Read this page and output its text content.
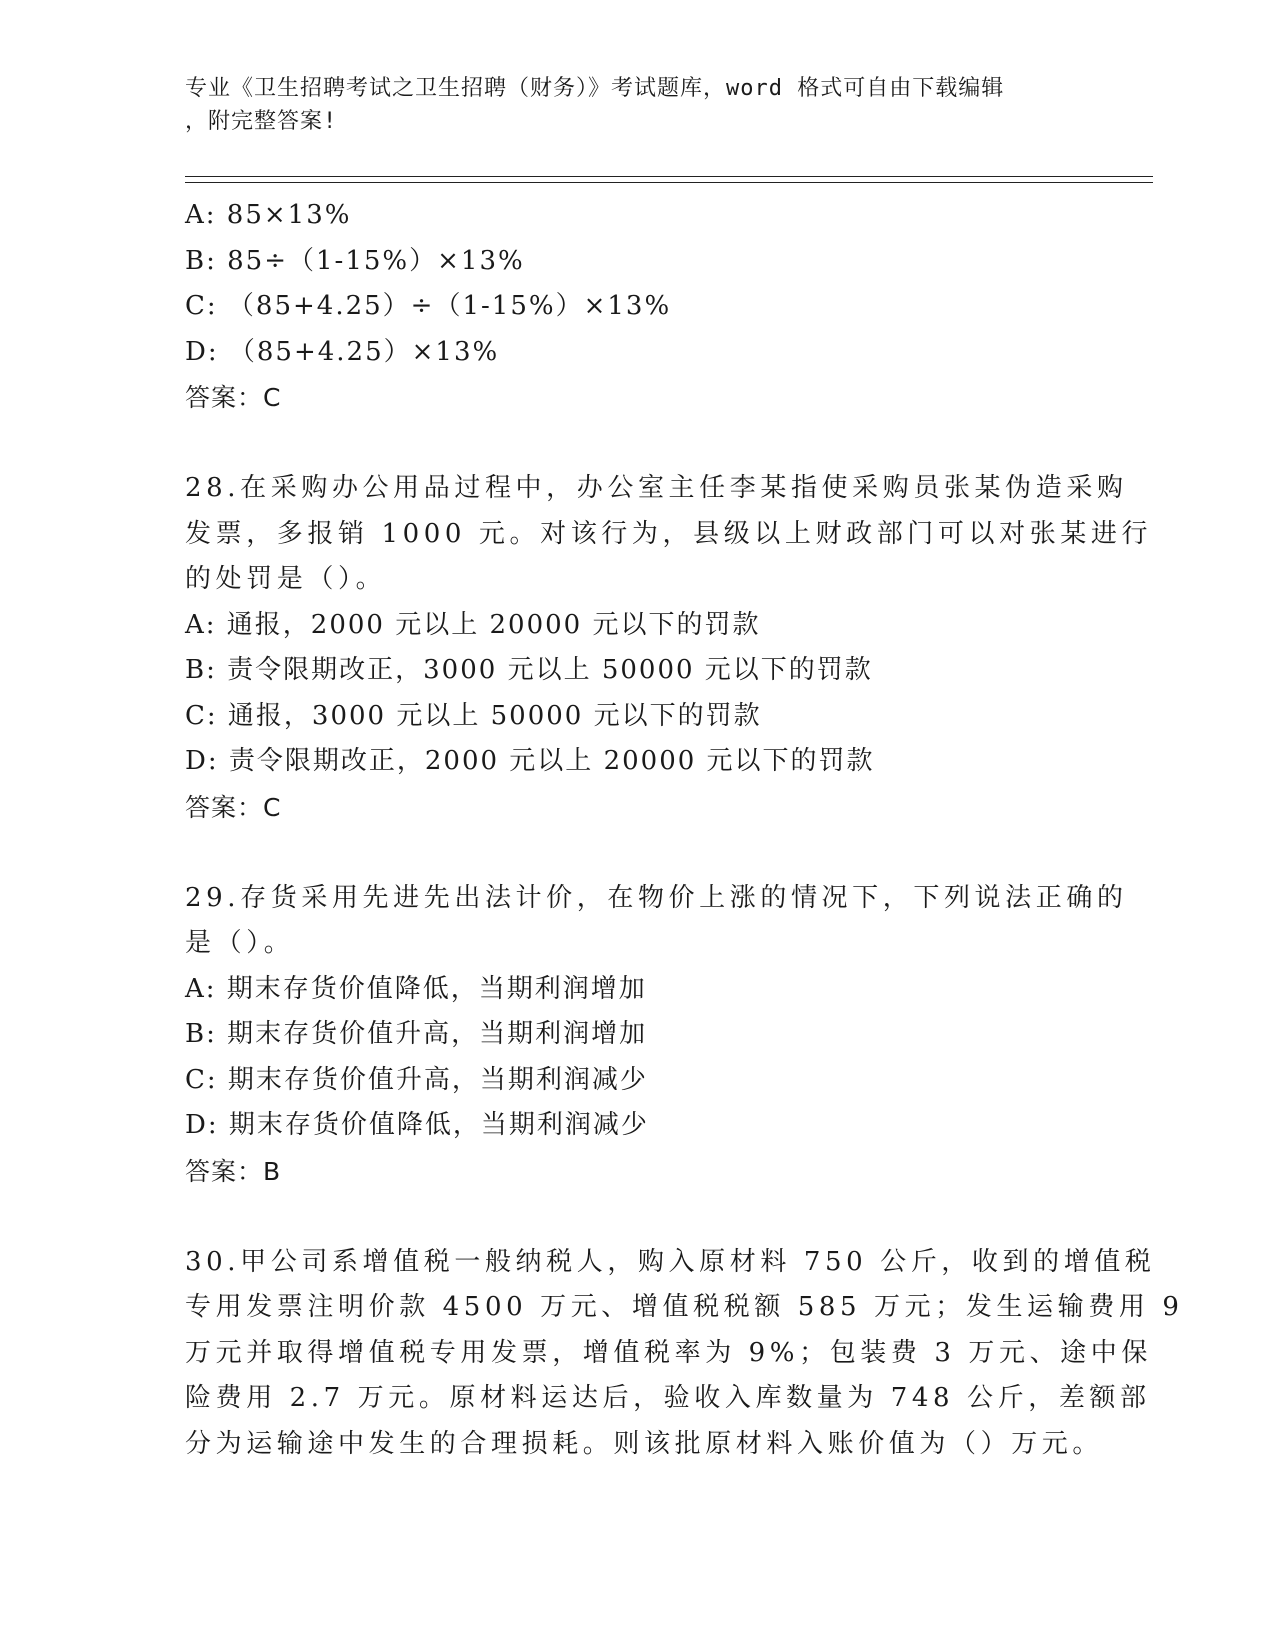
专业《卫生招聘考试之卫生招聘（财务）》考试题库，word 格式可自由下载编辑
，附完整答案!
A: 85×13%
B: 85÷（1-15%）×13%
C: （85+4.25）÷（1-15%）×13%
D: （85+4.25）×13%
答案：C
28.在采购办公用品过程中，办公室主任李某指使采购员张某伪造采购
发票，多报销 1000 元。对该行为，县级以上财政部门可以对张某进行
的处罚是（）。
A: 通报，2000 元以上 20000 元以下的罚款
B: 责令限期改正，3000 元以上 50000 元以下的罚款
C: 通报，3000 元以上 50000 元以下的罚款
D: 责令限期改正，2000 元以上 20000 元以下的罚款
答案：C
29.存货采用先进先出法计价，在物价上涨的情况下，下列说法正确的
是（）。
A: 期末存货价值降低，当期利润增加
B: 期末存货价值升高，当期利润增加
C: 期末存货价值升高，当期利润减少
D: 期末存货价值降低，当期利润减少
答案：B
30.甲公司系增值税一般纳税人，购入原材料 750 公斤，收到的增值税
专用发票注明价款 4500 万元、增值税税额 585 万元；发生运输费用 9
万元并取得增值税专用发票，增值税率为 9%；包装费 3 万元、途中保
险费用 2.7 万元。原材料运达后，验收入库数量为 748 公斤，差额部
分为运输途中发生的合理损耗。则该批原材料入账价值为（）万元。
